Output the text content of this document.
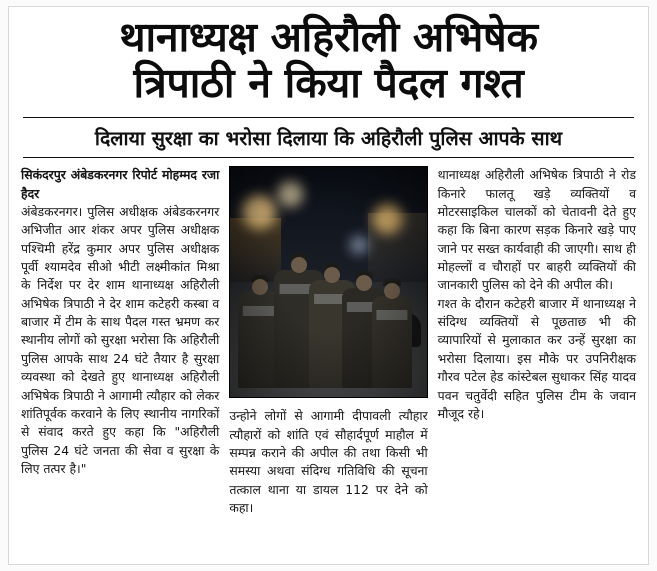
थानाध्यक्ष अहिरौली अभिषेक
त्रिपाठी ने किया पैदल गश्त
दिलाया सुरक्षा का भरोसा दिलाया कि अहिरौली पुलिस आपके साथ

सिकंदरपुर अंबेडकरनगर रिपोर्ट मोहम्मद रजा हैदर

अंबेडकरनगर। पुलिस अधीक्षक अंबेडकरनगर अभिजीत आर शंकर अपर पुलिस अधीक्षक पश्चिमी हरेंद्र कुमार अपर पुलिस अधीक्षक पूर्वी श्यामदेव सीओ भीटी लक्ष्मीकांत मिश्रा के निर्देश पर देर शाम थानाध्यक्ष अहिरौली अभिषेक त्रिपाठी ने देर शाम कटेहरी कस्बा व बाजार में टीम के साथ पैदल गस्त भ्रमण कर स्थानीय लोगों को सुरक्षा भरोसा कि अहिरौली पुलिस आपके साथ 24 घंटे तैयार है सुरक्षा व्यवस्था को देखते हुए थानाध्यक्ष अहिरौली अभिषेक त्रिपाठी ने आगामी त्यौहार को लेकर शांतिपूर्वक करवाने के लिए स्थानीय नागरिकों से संवाद करते हुए कहा कि "अहिरौली पुलिस 24 घंटे जनता की सेवा व सुरक्षा के लिए तत्पर है।"

उन्होने लोगों से आगामी दीपावली त्यौहार त्यौहारों को शांति एवं सौहार्दपूर्ण माहौल में सम्पन्न कराने की अपील की तथा किसी भी समस्या अथवा संदिग्ध गतिविधि की सूचना तत्काल थाना या डायल 112 पर देने को कहा।

थानाध्यक्ष अहिरौली अभिषेक त्रिपाठी ने रोड किनारे फालतू खड़े व्यक्तियों व मोटरसाइकिल चालकों को चेतावनी देते हुए कहा कि बिना कारण सड़क किनारे खड़े पाए जाने पर सख्त कार्यवाही की जाएगी। साथ ही मोहल्लों व चौराहों पर बाहरी व्यक्तियों की जानकारी पुलिस को देने की अपील की।

गश्त के दौरान कटेहरी बाजार में थानाध्यक्ष ने संदिग्ध व्यक्तियों से पूछताछ भी की व्यापारियों से मुलाकात कर उन्हें सुरक्षा का भरोसा दिलाया। इस मौके पर उपनिरीक्षक गौरव पटेल हेड कांस्टेबल सुधाकर सिंह यादव पवन चतुर्वेदी सहित पुलिस टीम के जवान मौजूद रहे।
